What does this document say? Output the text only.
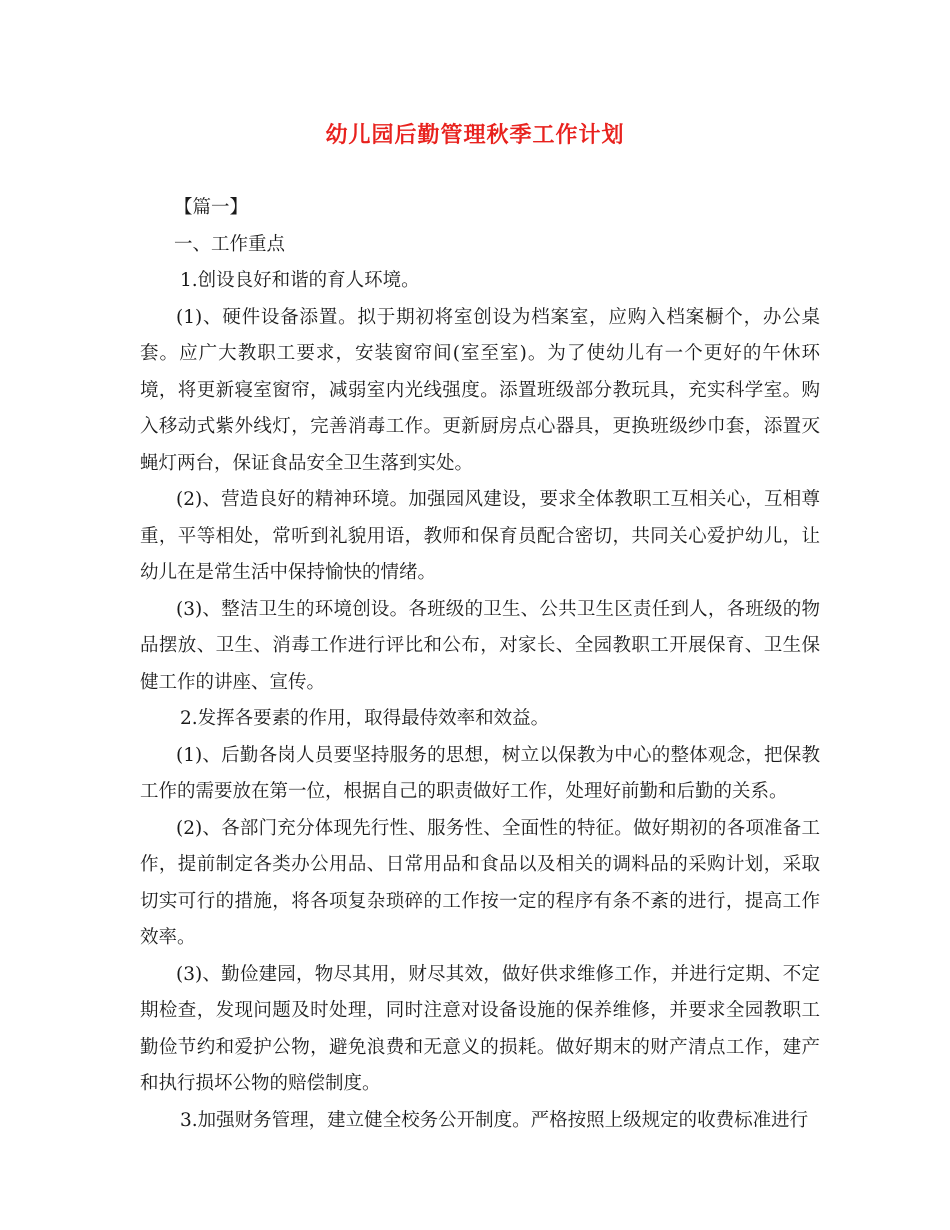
幼儿园后勤管理秋季工作计划

【篇一】

一、工作重点

1.创设良好和谐的育人环境。

(1)、硬件设备添置。拟于期初将室创设为档案室，应购入档案橱个，办公桌套。应广大教职工要求，安装窗帘间(室至室)。为了使幼儿有一个更好的午休环境，将更新寝室窗帘，减弱室内光线强度。添置班级部分教玩具，充实科学室。购入移动式紫外线灯，完善消毒工作。更新厨房点心器具，更换班级纱巾套，添置灭蝇灯两台，保证食品安全卫生落到实处。

(2)、营造良好的精神环境。加强园风建设，要求全体教职工互相关心，互相尊重，平等相处，常听到礼貌用语，教师和保育员配合密切，共同关心爱护幼儿，让幼儿在是常生活中保持愉快的情绪。

(3)、整洁卫生的环境创设。各班级的卫生、公共卫生区责任到人，各班级的物品摆放、卫生、消毒工作进行评比和公布，对家长、全园教职工开展保育、卫生保健工作的讲座、宣传。

2.发挥各要素的作用，取得最侍效率和效益。

(1)、后勤各岗人员要坚持服务的思想，树立以保教为中心的整体观念，把保教工作的需要放在第一位，根据自己的职责做好工作，处理好前勤和后勤的关系。

(2)、各部门充分体现先行性、服务性、全面性的特征。做好期初的各项准备工作，提前制定各类办公用品、日常用品和食品以及相关的调料品的采购计划，采取切实可行的措施，将各项复杂琐碎的工作按一定的程序有条不紊的进行，提高工作效率。

(3)、勤俭建园，物尽其用，财尽其效，做好供求维修工作，并进行定期、不定期检查，发现问题及时处理，同时注意对设备设施的保养维修，并要求全园教职工勤俭节约和爱护公物，避免浪费和无意义的损耗。做好期末的财产清点工作，建产和执行损坏公物的赔偿制度。

3.加强财务管理，建立健全校务公开制度。严格按照上级规定的收费标准进行
